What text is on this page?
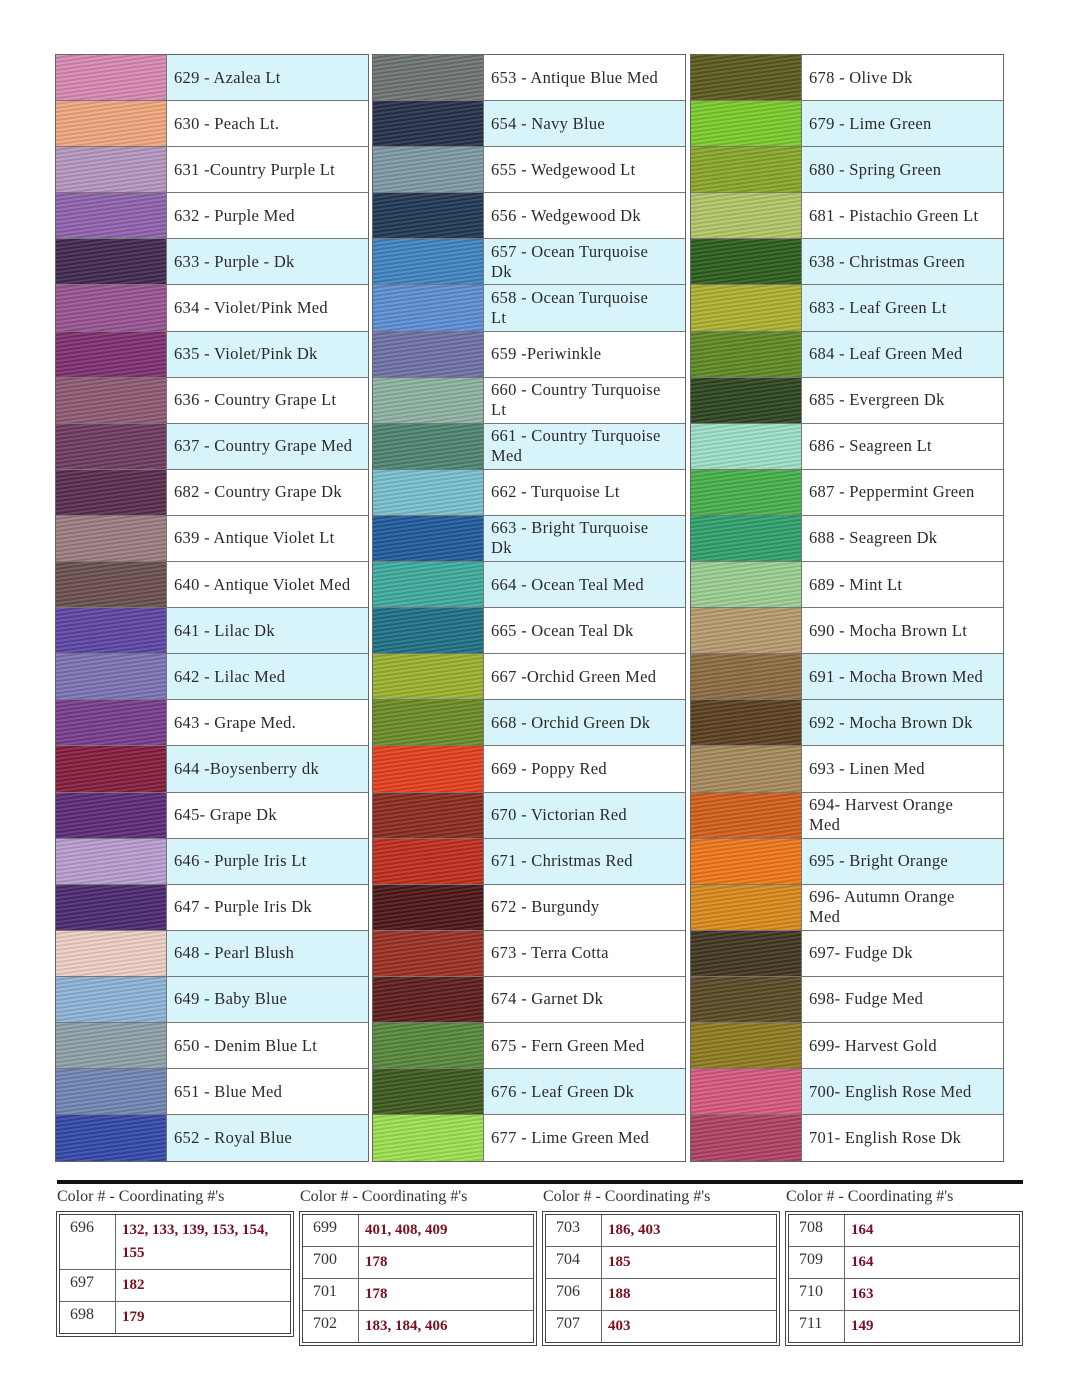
629 - Azalea Lt
630 - Peach Lt.
631 -Country Purple Lt
632 - Purple Med
633 - Purple - Dk
634 - Violet/Pink Med
635 - Violet/Pink Dk
636 - Country Grape Lt
637 - Country Grape Med
682 - Country Grape Dk
639 - Antique Violet Lt
640 - Antique Violet Med
641 - Lilac Dk
642 - Lilac Med
643 - Grape Med.
644 -Boysenberry dk
645- Grape Dk
646 - Purple Iris Lt
647 - Purple Iris Dk
648 - Pearl Blush
649 - Baby Blue
650 - Denim Blue Lt
651 - Blue Med
652 - Royal Blue
653 - Antique Blue Med
654 - Navy Blue
655 - Wedgewood Lt
656 - Wedgewood Dk
657 - Ocean Turquoise
Dk
658 - Ocean Turquoise
Lt
659 -Periwinkle
660 - Country Turquoise
Lt
661 - Country Turquoise
Med
662 - Turquoise Lt
663 - Bright Turquoise
Dk
664 - Ocean Teal Med
665 - Ocean Teal Dk
667 -Orchid Green Med
668 - Orchid Green Dk
669 - Poppy Red
670 - Victorian Red
671 - Christmas Red
672 - Burgundy
673 - Terra Cotta
674 - Garnet Dk
675 - Fern Green Med
676 - Leaf Green Dk
677 - Lime Green Med
678 - Olive Dk
679 - Lime Green
680 - Spring Green
681 - Pistachio Green Lt
638 - Christmas Green
683 - Leaf Green Lt
684 - Leaf Green Med
685 - Evergreen Dk
686 - Seagreen Lt
687 - Peppermint Green
688 - Seagreen Dk
689 - Mint Lt
690 - Mocha Brown Lt
691 - Mocha Brown Med
692 - Mocha Brown Dk
693 - Linen Med
694- Harvest Orange
Med
695 - Bright Orange
696- Autumn Orange
Med
697- Fudge Dk
698- Fudge Med
699- Harvest Gold
700- English Rose Med
701- English Rose Dk
Color # - Coordinating #'s
696	132, 133, 139, 153, 154, 155
697	182
698	179
Color # - Coordinating #'s
699	401, 408, 409
700	178
701	178
702	183, 184, 406
Color # - Coordinating #'s
703	186, 403
704	185
706	188
707	403
Color # - Coordinating #'s
708	164
709	164
710	163
711	149
